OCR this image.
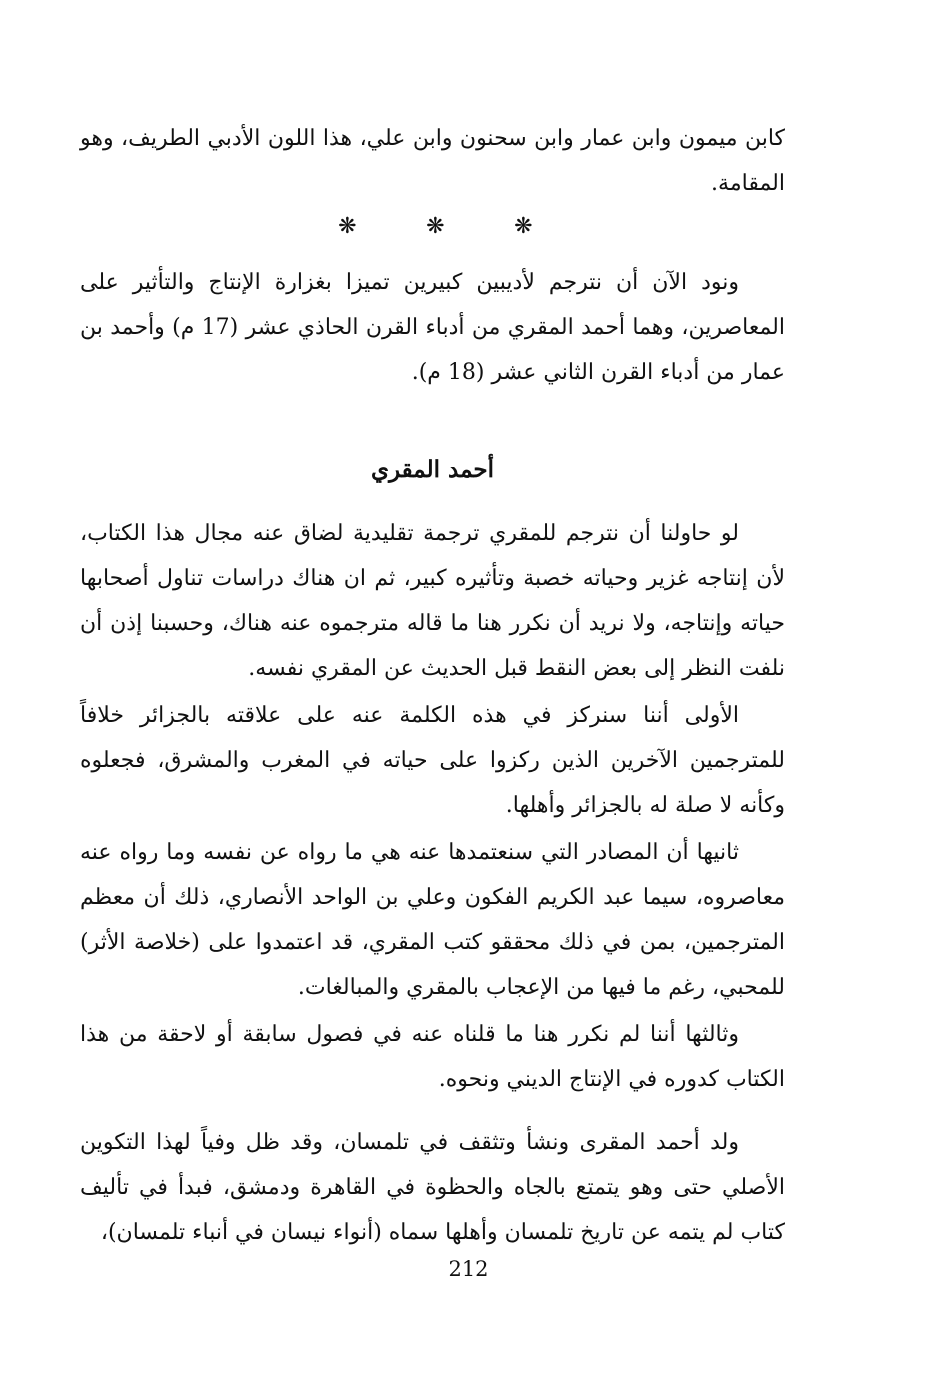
كابن ميمون وابن عمار وابن سحنون وابن علي، هذا اللون الأدبي الطريف، وهو المقامة.

❋	❋	❋

ونود الآن أن نترجم لأديبين كبيرين تميزا بغزارة الإنتاج والتأثير على المعاصرين، وهما أحمد المقري من أدباء القرن الحاذي عشر (17 م) وأحمد بن عمار من أدباء القرن الثاني عشر (18 م).

أحمد المقري

لو حاولنا أن نترجم للمقري ترجمة تقليدية لضاق عنه مجال هذا الكتاب، لأن إنتاجه غزير وحياته خصبة وتأثيره كبير، ثم ان هناك دراسات تناول أصحابها حياته وإنتاجه، ولا نريد أن نكرر هنا ما قاله مترجموه عنه هناك، وحسبنا إذن أن نلفت النظر إلى بعض النقط قبل الحديث عن المقري نفسه.

الأولى أننا سنركز في هذه الكلمة عنه على علاقته بالجزائر خلافاً للمترجمين الآخرين الذين ركزوا على حياته في المغرب والمشرق، فجعلوه وكأنه لا صلة له بالجزائر وأهلها.

ثانيها أن المصادر التي سنعتمدها عنه هي ما رواه عن نفسه وما رواه عنه معاصروه، سيما عبد الكريم الفكون وعلي بن الواحد الأنصاري، ذلك أن معظم المترجمين، بمن في ذلك محققو كتب المقري، قد اعتمدوا على (خلاصة الأثر) للمحبي، رغم ما فيها من الإعجاب بالمقري والمبالغات.

وثالثها أننا لم نكرر هنا ما قلناه عنه في فصول سابقة أو لاحقة من هذا الكتاب كدوره في الإنتاج الديني ونحوه.

ولد أحمد المقرى ونشأ وتثقف في تلمسان، وقد ظل وفياً لهذا التكوين الأصلي حتى وهو يتمتع بالجاه والحظوة في القاهرة ودمشق، فبدأ في تأليف كتاب لم يتمه عن تاريخ تلمسان وأهلها سماه (أنواء نيسان في أنباء تلمسان)،

212
